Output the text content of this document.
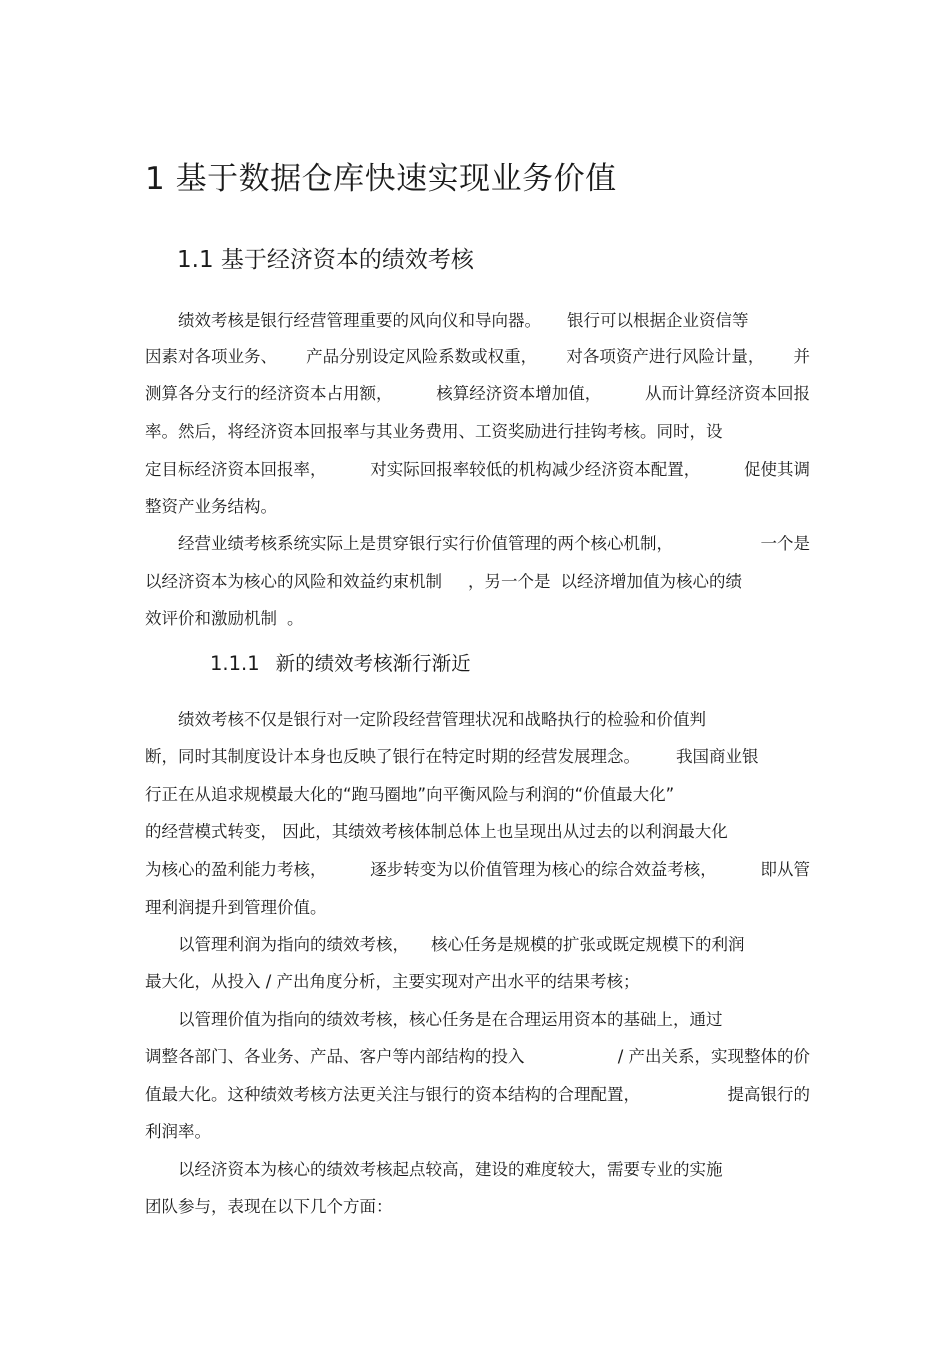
1 基于数据仓库快速实现业务价值
1.1 基于经济资本的绩效考核
绩效考核是银行经营管理重要的风向仪和导向器。 银行可以根据企业资信等
因素对各项业务、 产品分别设定风险系数或权重， 对各项资产进行风险计量， 并
测算各分支行的经济资本占用额，	核算经济资本增加值，	从而计算经济资本回报
率。然后，将经济资本回报率与其业务费用、工资奖励进行挂钩考核。同时，设
定目标经济资本回报率，	对实际回报率较低的机构减少经济资本配置，	促使其调
整资产业务结构。
经营业绩考核系统实际上是贯穿银行实行价值管理的两个核心机制，	一个是
以经济资本为核心的风险和效益约束机制 ，另一个是 以经济增加值为核心的绩
效评价和激励机制 。
1.1.1 新的绩效考核渐行渐近
绩效考核不仅是银行对一定阶段经营管理状况和战略执行的检验和价值判
断，同时其制度设计本身也反映了银行在特定时期的经营发展理念。 我国商业银
行正在从追求规模最大化的“跑马圈地”向平衡风险与利润的“价值最大化”
的经营模式转变， 因此，其绩效考核体制总体上也呈现出从过去的以利润最大化
为核心的盈利能力考核，	逐步转变为以价值管理为核心的综合效益考核，	即从管
理利润提升到管理价值。
以管理利润为指向的绩效考核， 核心任务是规模的扩张或既定规模下的利润
最大化，从投入 / 产出角度分析，主要实现对产出水平的结果考核；
以管理价值为指向的绩效考核，核心任务是在合理运用资本的基础上，通过
调整各部门、各业务、产品、客户等内部结构的投入	/ 产出关系，实现整体的价
值最大化。这种绩效考核方法更关注与银行的资本结构的合理配置，	提高银行的
利润率。
以经济资本为核心的绩效考核起点较高，建设的难度较大，需要专业的实施
团队参与，表现在以下几个方面：
